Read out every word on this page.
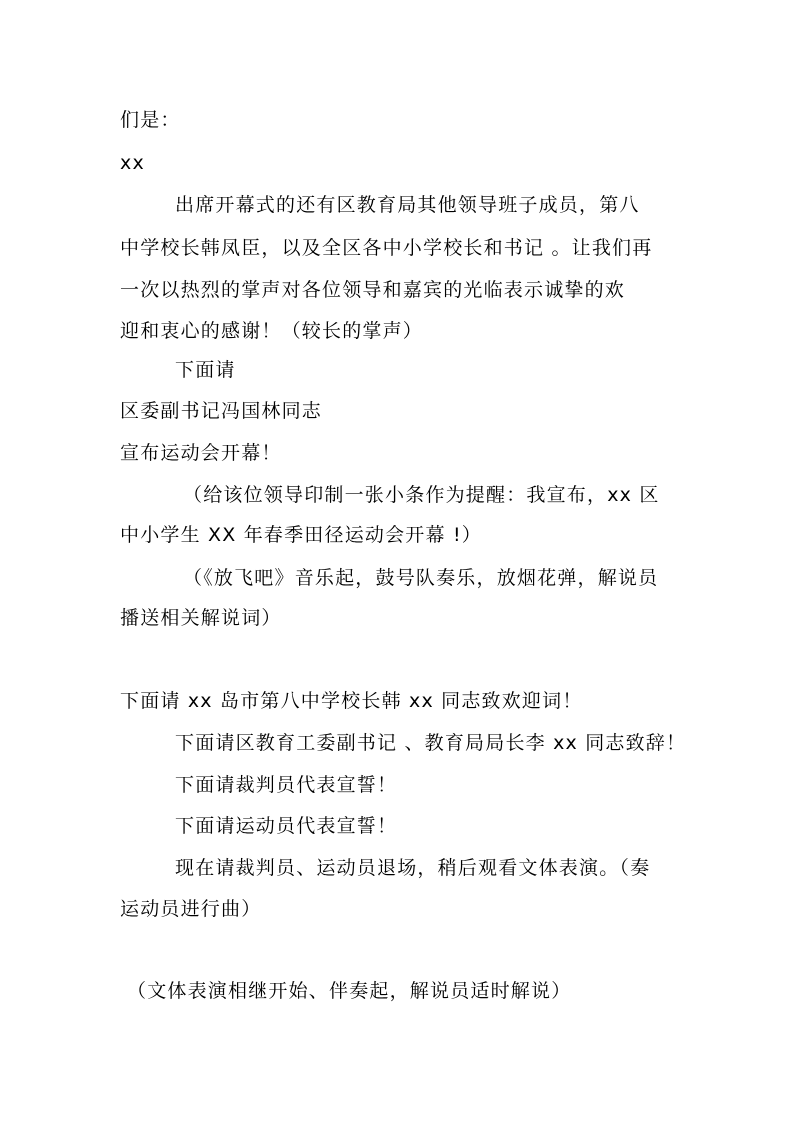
们是：
xx
出席开幕式的还有区教育局其他领导班子成员，第八
中学校长韩凤臣，以及全区各中小学校长和书记 。让我们再
一次以热烈的掌声对各位领导和嘉宾的光临表示诚挚的欢
迎和衷心的感谢！（较长的掌声）
下面请
区委副书记冯国林同志
宣布运动会开幕！
（给该位领导印制一张小条作为提醒：我宣布，xx 区
中小学生 XX 年春季田径运动会开幕 !）
（《放飞吧》音乐起，鼓号队奏乐，放烟花弹，解说员
播送相关解说词）
下面请 xx 岛市第八中学校长韩 xx 同志致欢迎词！
下面请区教育工委副书记 、教育局局长李 xx 同志致辞！
下面请裁判员代表宣誓！
下面请运动员代表宣誓！
现在请裁判员、运动员退场，稍后观看文体表演。（奏
运动员进行曲）
（文体表演相继开始、伴奏起，解说员适时解说）
